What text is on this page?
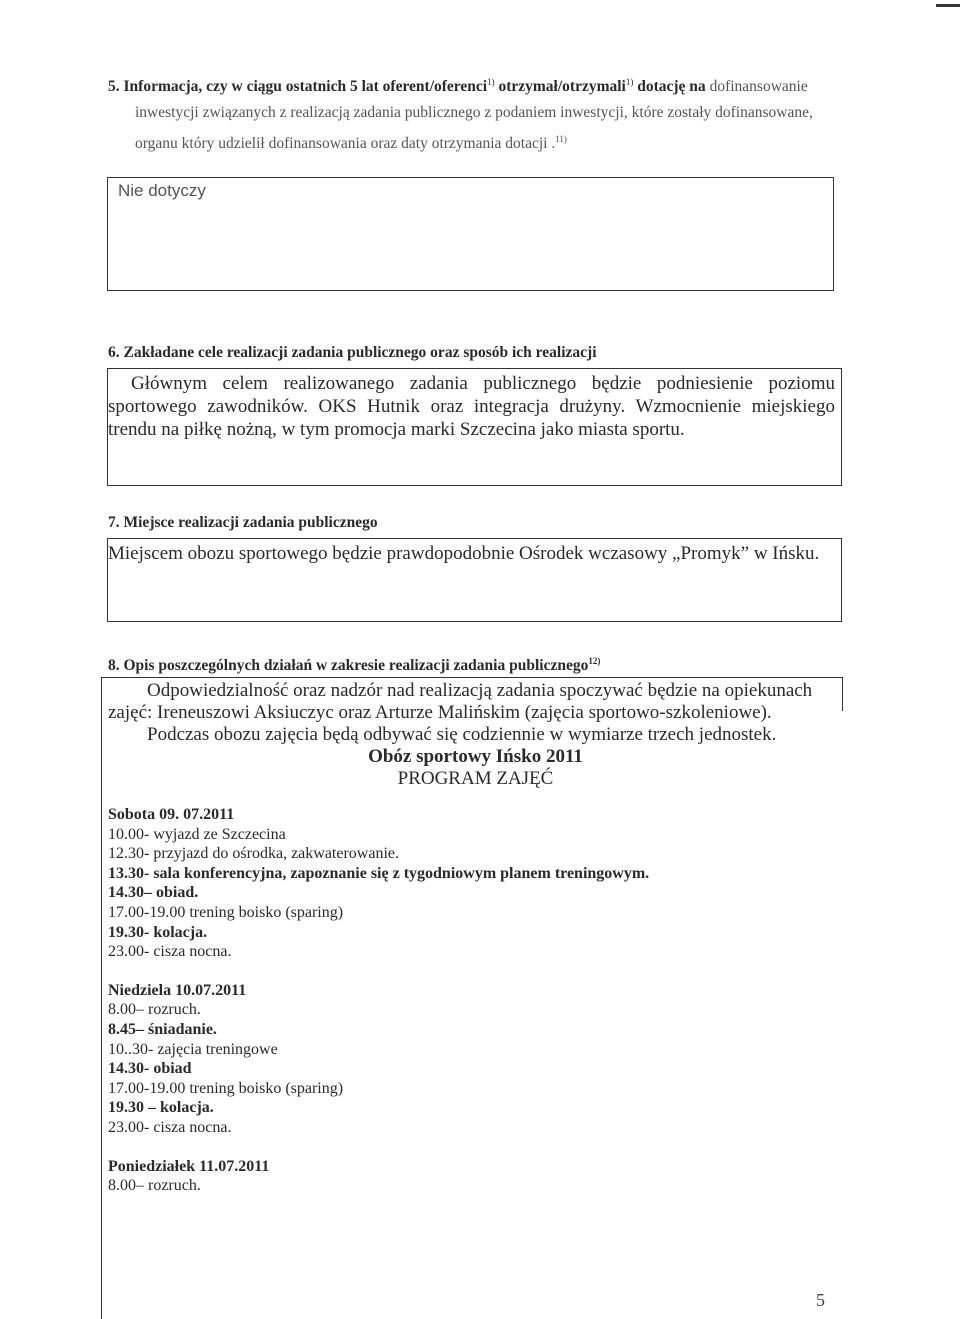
5. Informacja, czy w ciągu ostatnich 5 lat oferent/oferenci$^{1)}$ otrzymał/otrzymali$^{1)}$ dotację na dofinansowanie
inwestycji związanych z realizacją zadania publicznego z podaniem inwestycji, które zostały dofinansowane,
organu który udzielił dofinansowania oraz daty otrzymania dotacji .$^{11)}$
Nie dotyczy
6. Zakładane cele realizacji zadania publicznego oraz sposób ich realizacji
Głównym celem realizowanego zadania publicznego będzie podniesienie poziomu
sportowego zawodników. OKS Hutnik oraz integracja drużyny. Wzmocnienie miejskiego
trendu na piłkę nożną, w tym promocja marki Szczecina jako miasta sportu.
7. Miejsce realizacji zadania publicznego
Miejscem obozu sportowego będzie prawdopodobnie Ośrodek wczasowy „Promyk” w Ińsku.
8. Opis poszczególnych działań w zakresie realizacji zadania publicznego$^{12)}$
Odpowiedzialność oraz nadzór nad realizacją zadania spoczywać będzie na opiekunach
zajęć: Ireneuszowi Aksiuczyc oraz Arturze Malińskim (zajęcia sportowo-szkoleniowe).
Podczas obozu zajęcia będą odbywać się codziennie w wymiarze trzech jednostek.
Obóz sportowy Ińsko 2011
PROGRAM ZAJĘĆ
Sobota 09. 07.2011
10.00- wyjazd ze Szczecina
12.30- przyjazd do ośrodka, zakwaterowanie.
13.30- sala konferencyjna, zapoznanie się z tygodniowym planem treningowym.
14.30– obiad.
17.00-19.00 trening boisko (sparing)
19.30- kolacja.
23.00- cisza nocna.
Niedziela 10.07.2011
8.00– rozruch.
8.45– śniadanie.
10..30- zajęcia treningowe
14.30- obiad
17.00-19.00 trening boisko (sparing)
19.30 – kolacja.
23.00- cisza nocna.
Poniedziałek 11.07.2011
8.00– rozruch.
5
